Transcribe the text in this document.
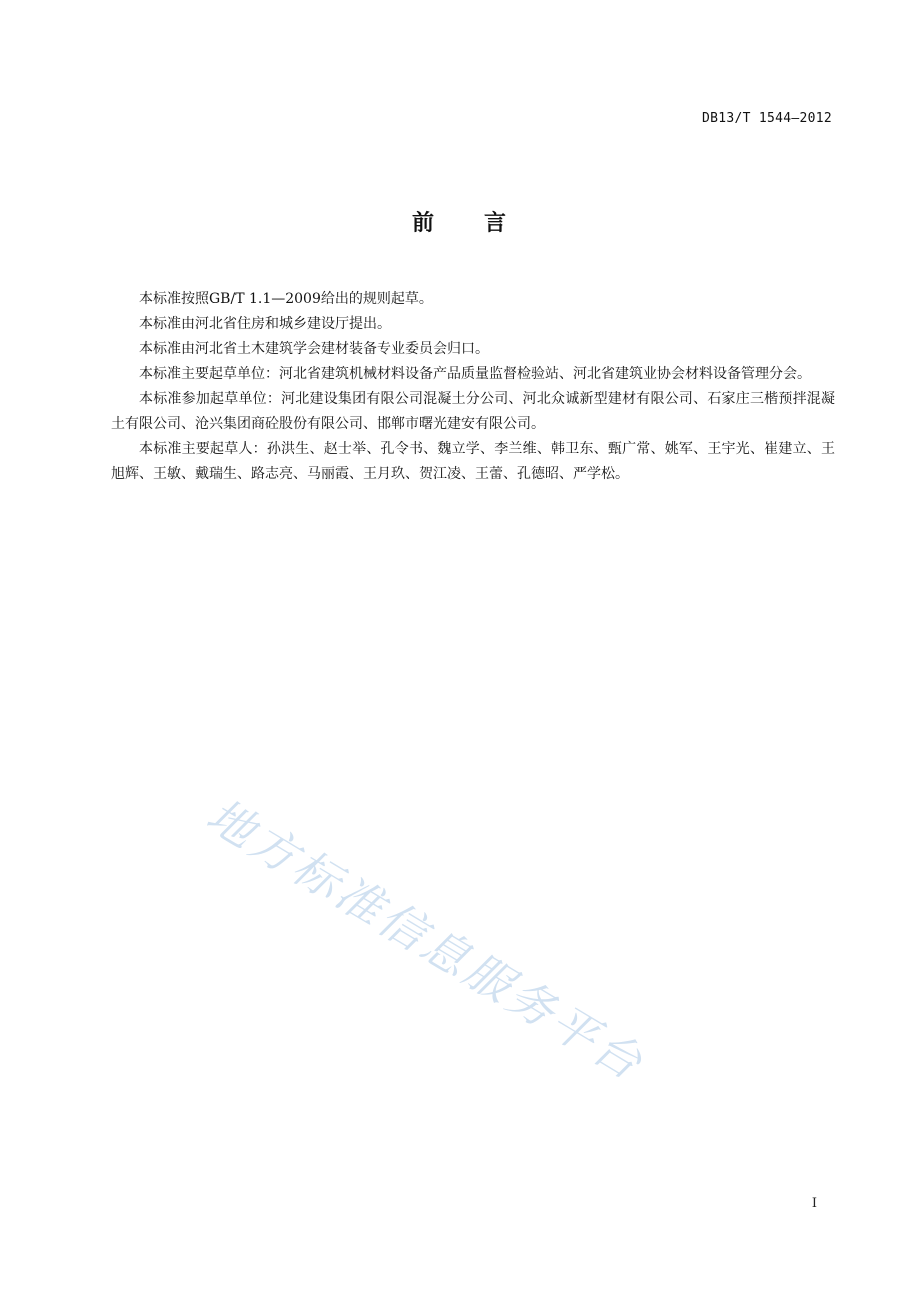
DB13/T 1544—2012
前　　言

本标准按照GB/T 1.1—2009给出的规则起草。

本标准由河北省住房和城乡建设厅提出。

本标准由河北省土木建筑学会建材装备专业委员会归口。

本标准主要起草单位：河北省建筑机械材料设备产品质量监督检验站、河北省建筑业协会材料设备管理分会。

本标准参加起草单位：河北建设集团有限公司混凝土分公司、河北众诚新型建材有限公司、石家庄三楷预拌混凝土有限公司、沧兴集团商砼股份有限公司、邯郸市曙光建安有限公司。

本标准主要起草人：孙洪生、赵士举、孔令书、魏立学、李兰维、韩卫东、甄广常、姚军、王宇光、崔建立、王旭辉、王敏、戴瑞生、路志亮、马丽霞、王月玖、贺江凌、王蕾、孔德昭、严学松。

地方标准信息服务平台
I
